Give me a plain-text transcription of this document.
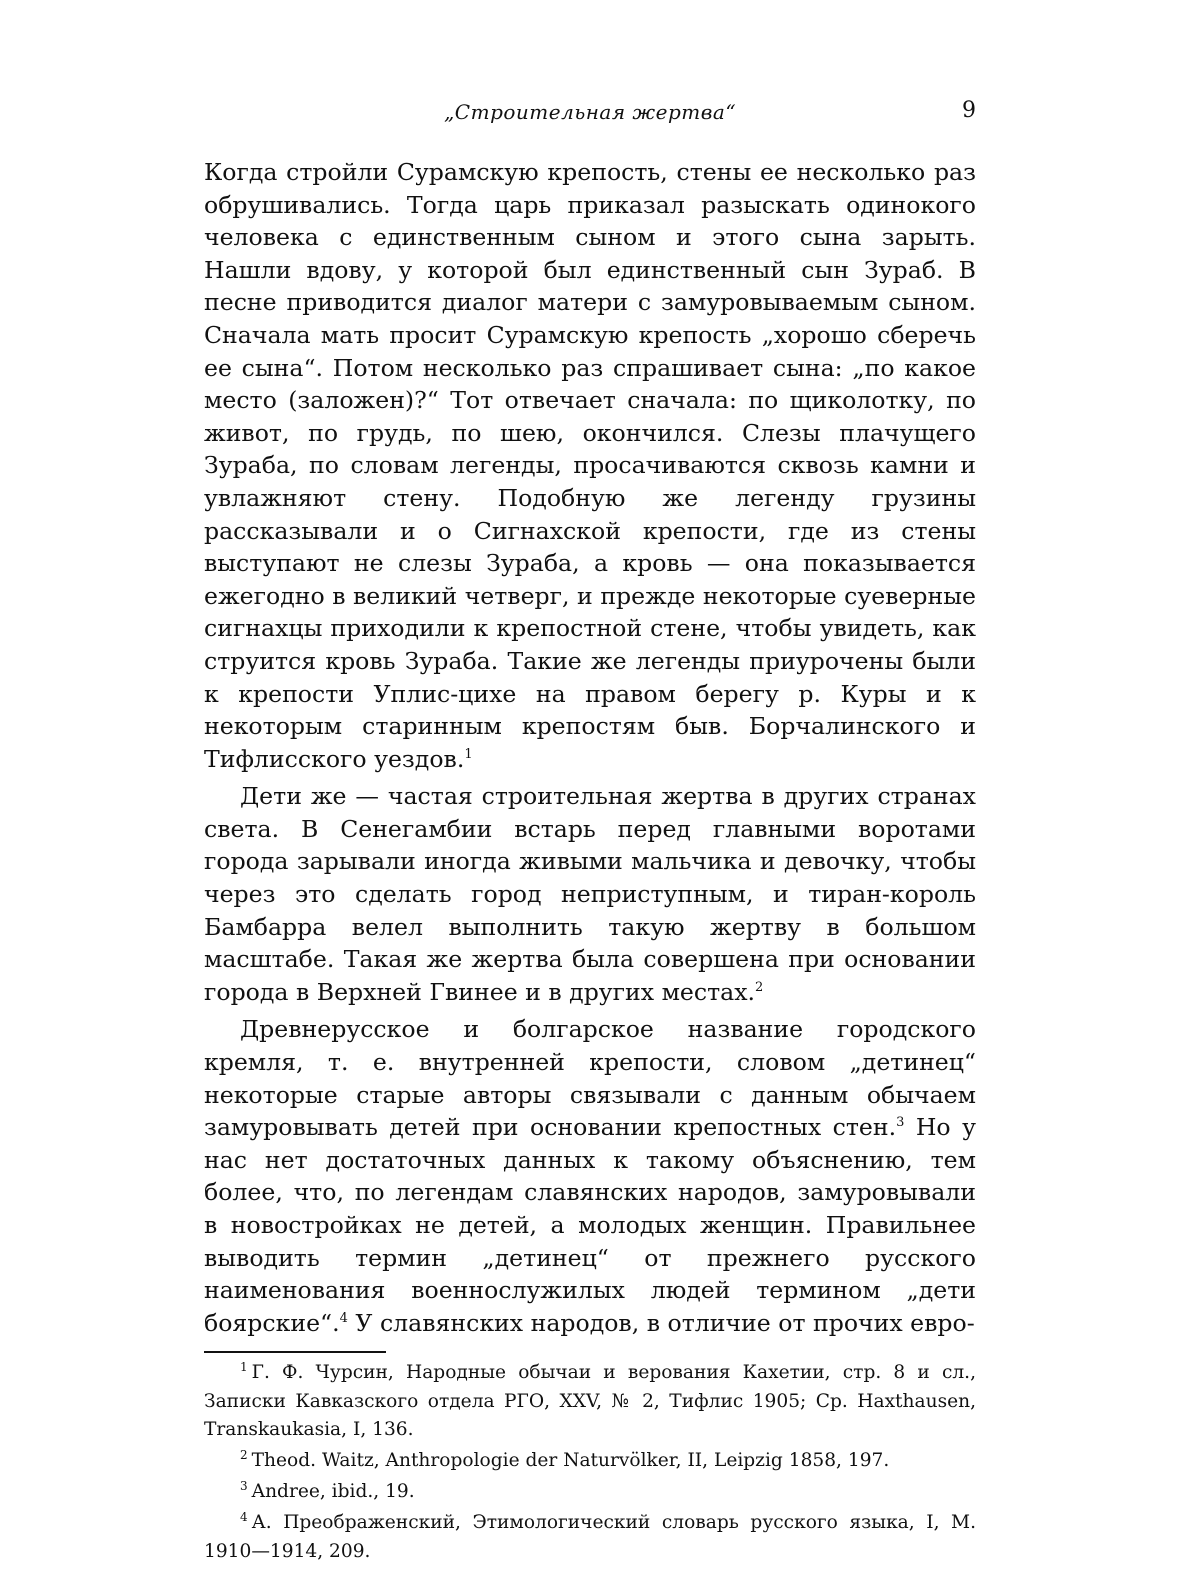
„Строительная жертва“	9

Когда стройли Сурамскую крепость, стены ее несколько раз обрушивались. Тогда царь приказал разыскать одинокого человека с единственным сыном и этого сына зарыть. Нашли вдову, у которой был единственный сын Зураб. В песне приводится диалог матери с замуровываемым сыном. Сначала мать просит Сурамскую крепость „хорошо сберечь ее сына“. Потом несколько раз спрашивает сына: „по какое место (заложен)?“ Тот отвечает сначала: по щиколотку, по живот, по грудь, по шею, окончился. Слезы плачущего Зураба, по словам легенды, просачиваются сквозь камни и увлажняют стену. Подобную же легенду грузины рассказывали и о Сигнахской крепости, где из стены выступают не слезы Зураба, а кровь — она показывается ежегодно в великий четверг, и прежде некоторые суеверные сигнахцы приходили к крепостной стене, чтобы увидеть, как струится кровь Зураба. Такие же легенды приурочены были к крепости Уплис-цихе на правом берегу р. Куры и к некоторым старинным крепостям быв. Борчалинского и Тифлисского уездов.$^1$

Дети же — частая строительная жертва в других странах света. В Сенегамбии встарь перед главными воротами города зарывали иногда живыми мальчика и девочку, чтобы через это сделать город неприступным, и тиран-король Бамбарра велел выполнить такую жертву в большом масштабе. Такая же жертва была совершена при основании города в Верхней Гвинее и в других местах.$^2$

Древнерусское и болгарское название городского кремля, т. е. внутренней крепости, словом „детинец“ некоторые старые авторы связывали с данным обычаем замуровывать детей при основании крепостных стен.$^3$ Но у нас нет достаточных данных к такому объяснению, тем более, что, по легендам славянских народов, замуровывали в новостройках не детей, а молодых женщин. Правильнее выводить термин „детинец“ от прежнего русского наименования военнослужилых людей термином „дети боярские“.$^4$ У славянских народов, в отличие от прочих евро-

$^1$ Г. Ф. Чурсин, Народные обычаи и верования Кахетии, стр. 8 и сл., Записки Кавказского отдела РГО, XXV, № 2, Тифлис 1905; Ср. Haxthausen, Transkaukasia, I, 136.

$^2$ Theod. Waitz, Anthropologie der Naturvölker, II, Leipzig 1858, 197.

$^3$ Andree, ibid., 19.

$^4$ А. Преображенский, Этимологический словарь русского языка, I, М. 1910—1914, 209.
